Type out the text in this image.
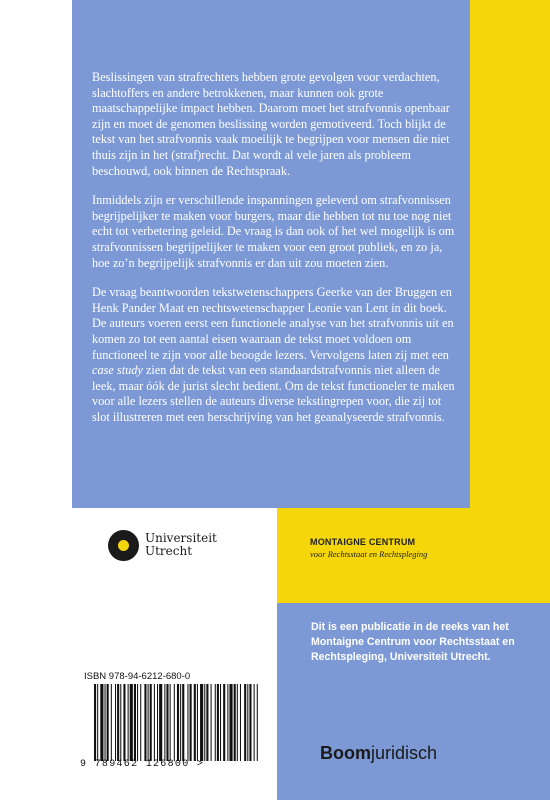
Beslissingen van strafrechters hebben grote gevolgen voor verdachten, slachtoffers en andere betrokkenen, maar kunnen ook grote maatschappelijke impact hebben. Daarom moet het strafvonnis openbaar zijn en moet de genomen beslissing worden gemotiveerd. Toch blijkt de tekst van het strafvonnis vaak moeilijk te begrijpen voor mensen die niet thuis zijn in het (straf)recht. Dat wordt al vele jaren als probleem beschouwd, ook binnen de Rechtspraak.

Inmiddels zijn er verschillende inspanningen geleverd om strafvonnissen begrijpelijker te maken voor burgers, maar die hebben tot nu toe nog niet echt tot verbetering geleid. De vraag is dan ook of het wel mogelijk is om strafvonnissen begrijpelijker te maken voor een groot publiek, en zo ja, hoe zo’n begrijpelijk strafvonnis er dan uit zou moeten zien.

De vraag beantwoorden tekstwetenschappers Geerke van der Bruggen en Henk Pander Maat en rechtswetenschapper Leonie van Lent in dit boek. De auteurs voeren eerst een functionele analyse van het strafvonnis uit en komen zo tot een aantal eisen waaraan de tekst moet voldoen om functioneel te zijn voor alle beoogde lezers. Vervolgens laten zij met een case study zien dat de tekst van een standaardstrafvonnis niet alleen de leek, maar óók de jurist slecht bedient. Om de tekst functioneler te maken voor alle lezers stellen de auteurs diverse tekstingrepen voor, die zij tot slot illustreren met een herschrijving van het geanalyseerde strafvonnis.

Universiteit
Utrecht
MONTAIGNE CENTRUM
voor Rechtsstaat en Rechtspleging
Dit is een publicatie in de reeks van het Montaigne Centrum voor Rechtsstaat en Rechtspleging, Universiteit Utrecht.
ISBN 978-94-6212-680-0
9 789462 126800 >
Boomjuridisch
